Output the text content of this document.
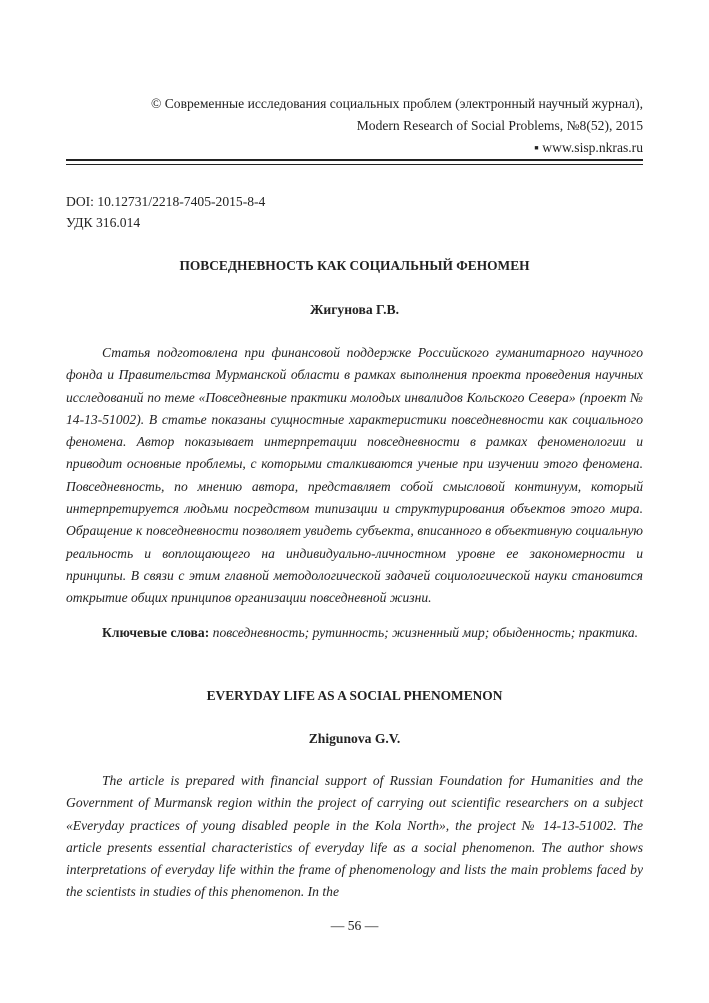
© Современные исследования социальных проблем (электронный научный журнал),
Modern Research of Social Problems, №8(52), 2015
▪ www.sisp.nkras.ru
DOI: 10.12731/2218-7405-2015-8-4
УДК 316.014
ПОВСЕДНЕВНОСТЬ КАК СОЦИАЛЬНЫЙ ФЕНОМЕН
Жигунова Г.В.

Статья подготовлена при финансовой поддержке Российского гуманитарного научного фонда и Правительства Мурманской области в рамках выполнения проекта проведения научных исследований по теме «Повседневные практики молодых инвалидов Кольского Севера» (проект № 14-13-51002). В статье показаны сущностные характеристики повседневности как социального феномена. Автор показывает интерпретации повседневности в рамках феноменологии и приводит основные проблемы, с которыми сталкиваются ученые при изучении этого феномена. Повседневность, по мнению автора, представляет собой смысловой континуум, который интерпретируется людьми посредством типизации и структурирования объектов этого мира. Обращение к повседневности позволяет увидеть субъекта, вписанного в объективную социальную реальность и воплощающего на индивидуально-личностном уровне ее закономерности и принципы. В связи с этим главной методологической задачей социологической науки становится открытие общих принципов организации повседневной жизни.

Ключевые слова: повседневность; рутинность; жизненный мир; обыденность; практика.

EVERYDAY LIFE AS A SOCIAL PHENOMENON
Zhigunova G.V.

The article is prepared with financial support of Russian Foundation for Humanities and the Government of Murmansk region within the project of carrying out scientific researchers on a subject «Everyday practices of young disabled people in the Kola North», the project № 14-13-51002. The article presents essential characteristics of everyday life as a social phenomenon. The author shows interpretations of everyday life within the frame of phenomenology and lists the main problems faced by the scientists in studies of this phenomenon. In the

— 56 —
